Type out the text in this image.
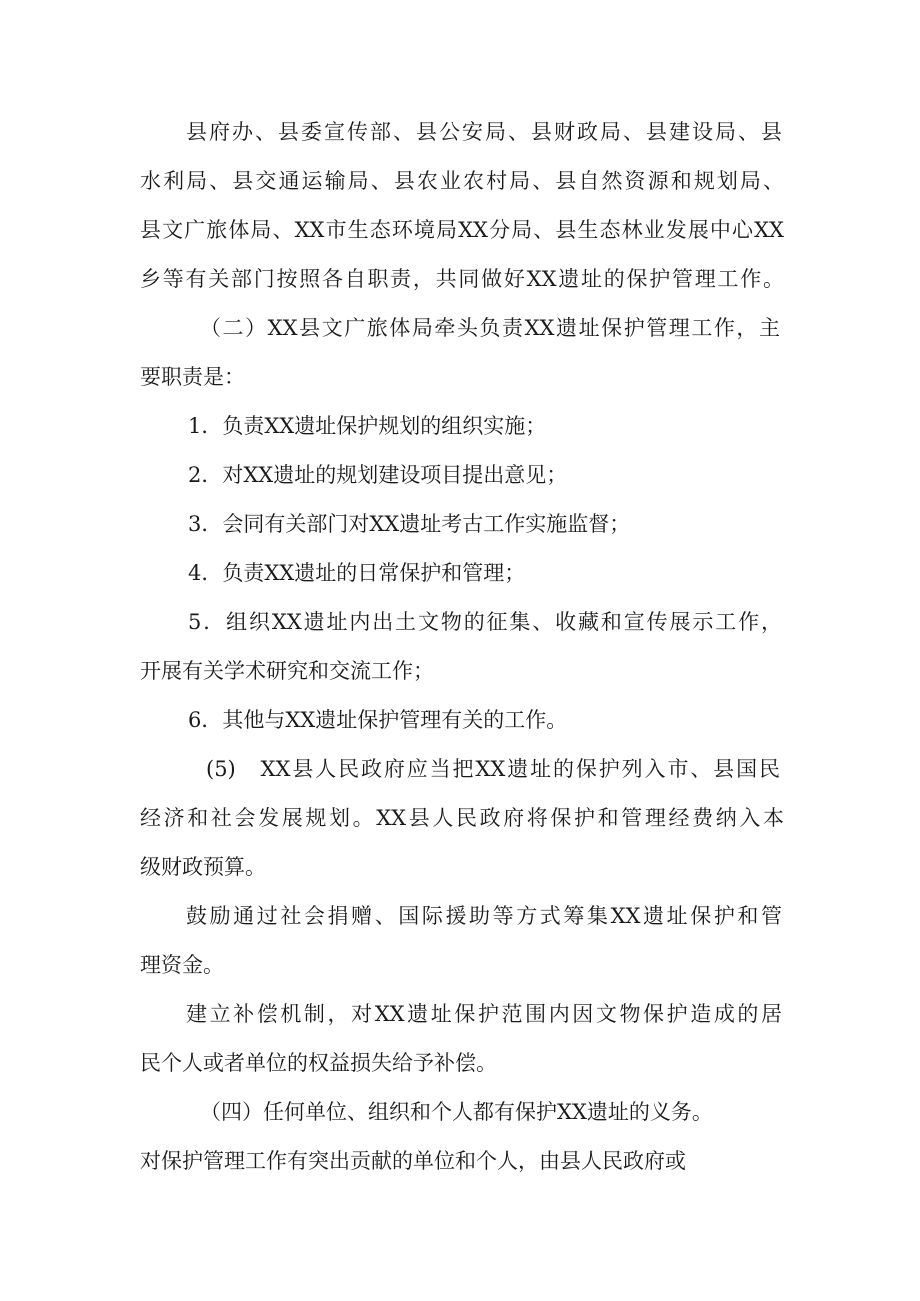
县府办、县委宣传部、县公安局、县财政局、县建设局、县
水利局、县交通运输局、县农业农村局、县自然资源和规划局、
县文广旅体局、XX市生态环境局XX分局、县生态林业发展中心XX
乡等有关部门按照各自职责，共同做好XX遗址的保护管理工作。
（二）XX县文广旅体局牵头负责XX遗址保护管理工作，主
要职责是：
1．负责XX遗址保护规划的组织实施；
2．对XX遗址的规划建设项目提出意见；
3．会同有关部门对XX遗址考古工作实施监督；
4．负责XX遗址的日常保护和管理；
5．组织XX遗址内出土文物的征集、收藏和宣传展示工作，
开展有关学术研究和交流工作；
6．其他与XX遗址保护管理有关的工作。
(5)　XX县人民政府应当把XX遗址的保护列入市、县国民
经济和社会发展规划。XX县人民政府将保护和管理经费纳入本
级财政预算。
鼓励通过社会捐赠、国际援助等方式筹集XX遗址保护和管
理资金。
建立补偿机制，对XX遗址保护范围内因文物保护造成的居
民个人或者单位的权益损失给予补偿。
（四）任何单位、组织和个人都有保护XX遗址的义务。
对保护管理工作有突出贡献的单位和个人，由县人民政府或
